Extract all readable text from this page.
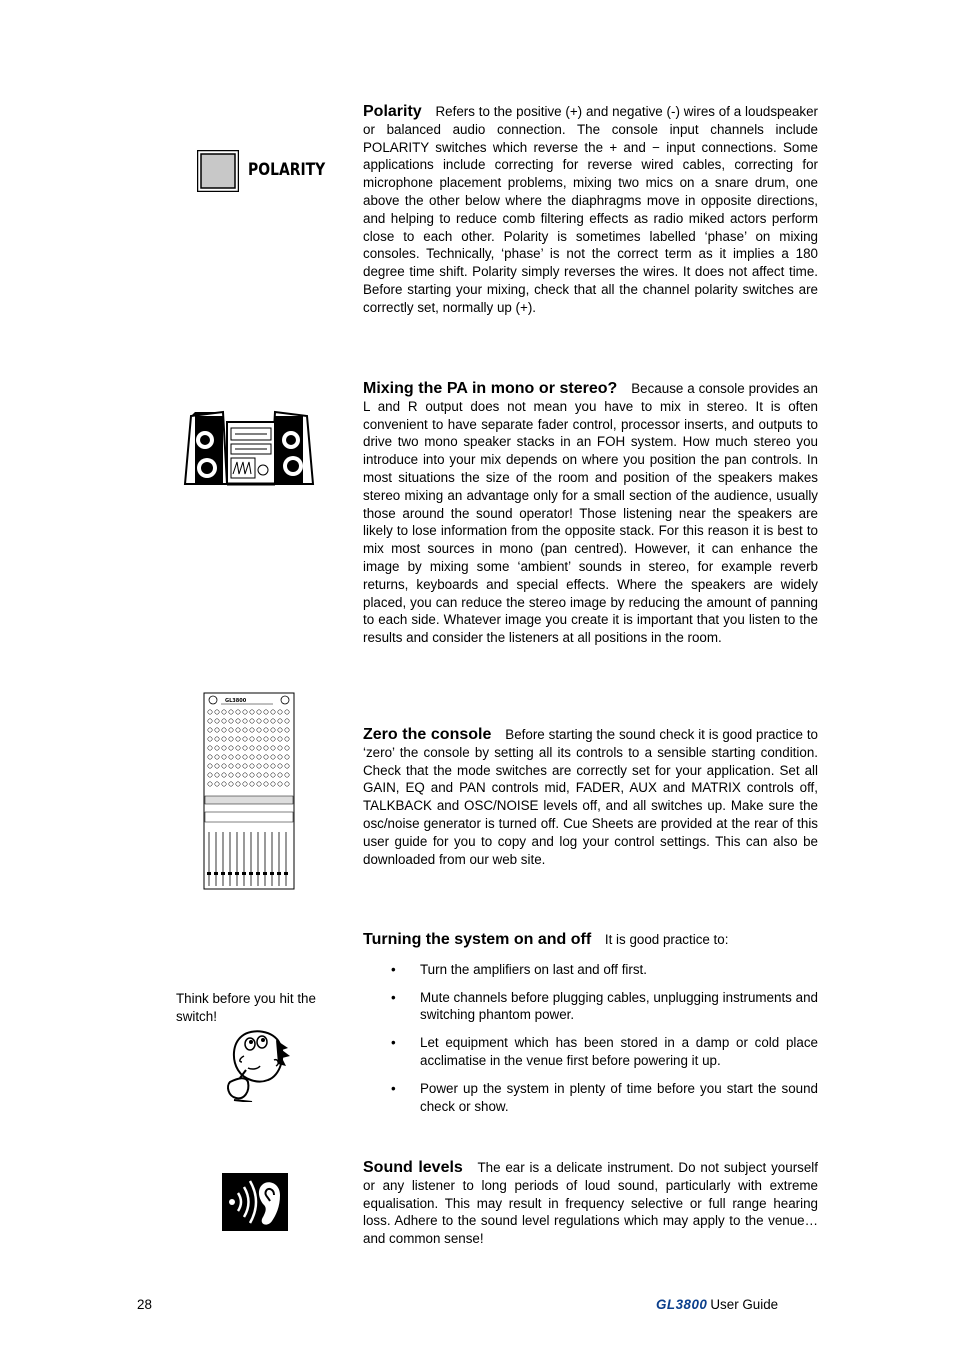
POLARITY
Polarity Refers to the positive (+) and negative (-) wires of a loudspeaker or balanced audio connection. The console input channels include POLARITY switches which reverse the + and − input connections. Some applications include correcting for reverse wired cables, correcting for microphone placement problems, mixing two mics on a snare drum, one above the other below where the diaphragms move in opposite directions, and helping to reduce comb filtering effects as radio miked actors perform close to each other. Polarity is sometimes labelled ‘phase’ on mixing consoles. Technically, ‘phase’ is not the correct term as it implies a 180 degree time shift. Polarity simply reverses the wires. It does not affect time. Before starting your mixing, check that all the channel polarity switches are correctly set, normally up (+).
Mixing the PA in mono or stereo? Because a console provides an L and R output does not mean you have to mix in stereo. It is often convenient to have separate fader control, processor inserts, and outputs to drive two mono speaker stacks in an FOH system. How much stereo you introduce into your mix depends on where you position the pan controls. In most situations the size of the room and position of the speakers makes stereo mixing an advantage only for a small section of the audience, usually those around the sound operator! Those listening near the speakers are likely to lose information from the opposite stack. For this reason it is best to mix most sources in mono (pan centred). However, it can enhance the image by mixing some ‘ambient’ sounds in stereo, for example reverb returns, keyboards and special effects. Where the speakers are widely placed, you can reduce the stereo image by reducing the amount of panning to each side. Whatever image you create it is important that you listen to the results and consider the listeners at all positions in the room.
GL3800
Zero the console Before starting the sound check it is good practice to ‘zero’ the console by setting all its controls to a sensible starting condition. Check that the mode switches are correctly set for your application. Set all GAIN, EQ and PAN controls mid, FADER, AUX and MATRIX controls off, TALKBACK and OSC/NOISE levels off, and all switches up. Make sure the osc/noise generator is turned off. Cue Sheets are provided at the rear of this user guide for you to copy and log your control settings. This can also be downloaded from our web site.
Turning the system on and off It is good practice to:
• Turn the amplifiers on last and off first.
• Mute channels before plugging cables, unplugging instruments and switching phantom power.
• Let equipment which has been stored in a damp or cold place acclimatise in the venue first before powering it up.
• Power up the system in plenty of time before you start the sound check or show.
Think before you hit the switch!
Sound levels The ear is a delicate instrument. Do not subject yourself or any listener to long periods of loud sound, particularly with extreme equalisation. This may result in frequency selective or full range hearing loss. Adhere to the sound level regulations which may apply to the venue… and common sense!
28	GL3800 User Guide
